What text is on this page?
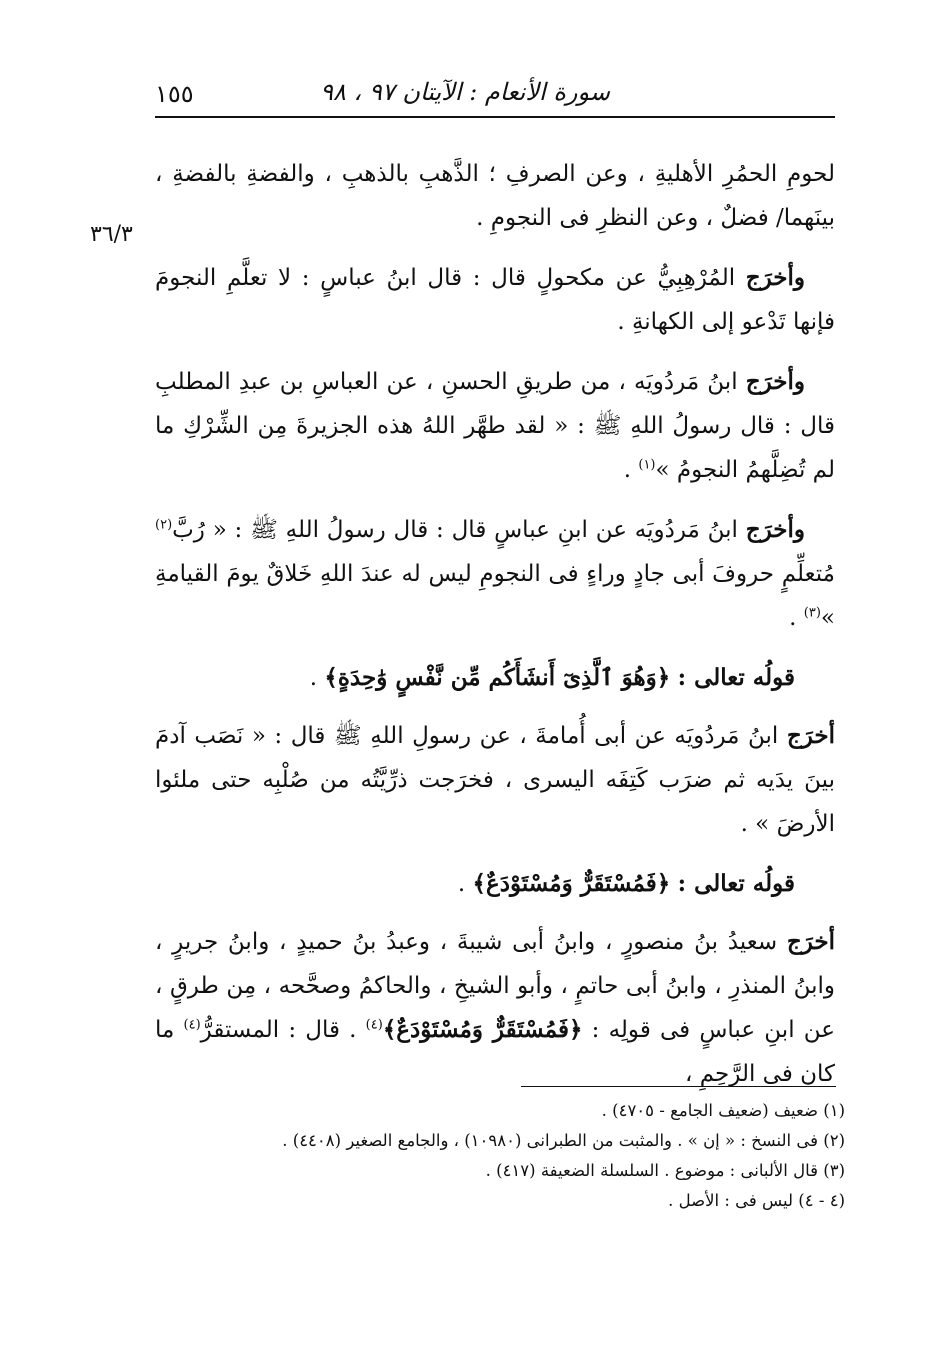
١٥٥	سورة الأنعام : الآيتان ٩٧ ، ٩٨
٣٦/٣

لحومِ الحمُرِ الأهليةِ ، وعن الصرفِ ؛ الذَّهبِ بالذهبِ ، والفضةِ بالفضةِ ، بينَهما/ فضلٌ ، وعن النظرِ فى النجومِ .

وأخرَج المُرْهِبِيُّ عن مكحولٍ قال : قال ابنُ عباسٍ : لا تعلَّمِ النجومَ فإنها تَدْعو إلى الكهانةِ .

وأخرَج ابنُ مَردُويَه ، من طريقِ الحسنِ ، عن العباسِ بن عبدِ المطلبِ قال : قال رسولُ اللهِ ﷺ : « لقد طهَّر اللهُ هذه الجزيرةَ مِن الشِّرْكِ ما لم تُضِلَّهمُ النجومُ »$^{(١)}$ .

وأخرَج ابنُ مَردُويَه عن ابنِ عباسٍ قال : قال رسولُ اللهِ ﷺ : « رُبَّ$^{(٢)}$ مُتعلِّمٍ حروفَ أبى جادٍ وراءٍ فى النجومِ ليس له عندَ اللهِ خَلاقٌ يومَ القيامةِ »$^{(٣)}$ .

قولُه تعالى : ﴿وَهُوَ ٱلَّذِىٓ أَنشَأَكُم مِّن نَّفْسٍ وَٰحِدَةٍ﴾ .

أخرَج ابنُ مَردُويَه عن أبى أُمامةَ ، عن رسولِ اللهِ ﷺ قال : « نَصَب آدمَ بينَ يدَيه ثم ضرَب كَتِفَه اليسرى ، فخرَجت ذرِّيَّتُه من صُلْبِه حتى ملئوا الأرضَ » .

قولُه تعالى : ﴿فَمُسْتَقَرٌّ وَمُسْتَوْدَعٌ﴾ .

أخرَج سعيدُ بنُ منصورٍ ، وابنُ أبى شيبةَ ، وعبدُ بنُ حميدٍ ، وابنُ جريرٍ ، وابنُ المنذرِ ، وابنُ أبى حاتمٍ ، وأبو الشيخِ ، والحاكمُ وصحَّحه ، مِن طرقٍ ، عن ابنِ عباسٍ فى قولِه : ﴿فَمُسْتَقَرٌّ وَمُسْتَوْدَعٌ﴾$^{(٤)}$ . قال : المستقرُّ$^{(٤)}$ ما كان فى الرَّحِمِ ،

(١) ضعيف (ضعيف الجامع - ٤٧٠٥) .
(٢) فى النسخ : « إن » . والمثبت من الطبرانى (١٠٩٨٠) ، والجامع الصغير (٤٤٠٨) .
(٣) قال الألبانى : موضوع . السلسلة الضعيفة (٤١٧) .
(٤ - ٤) ليس فى : الأصل .
